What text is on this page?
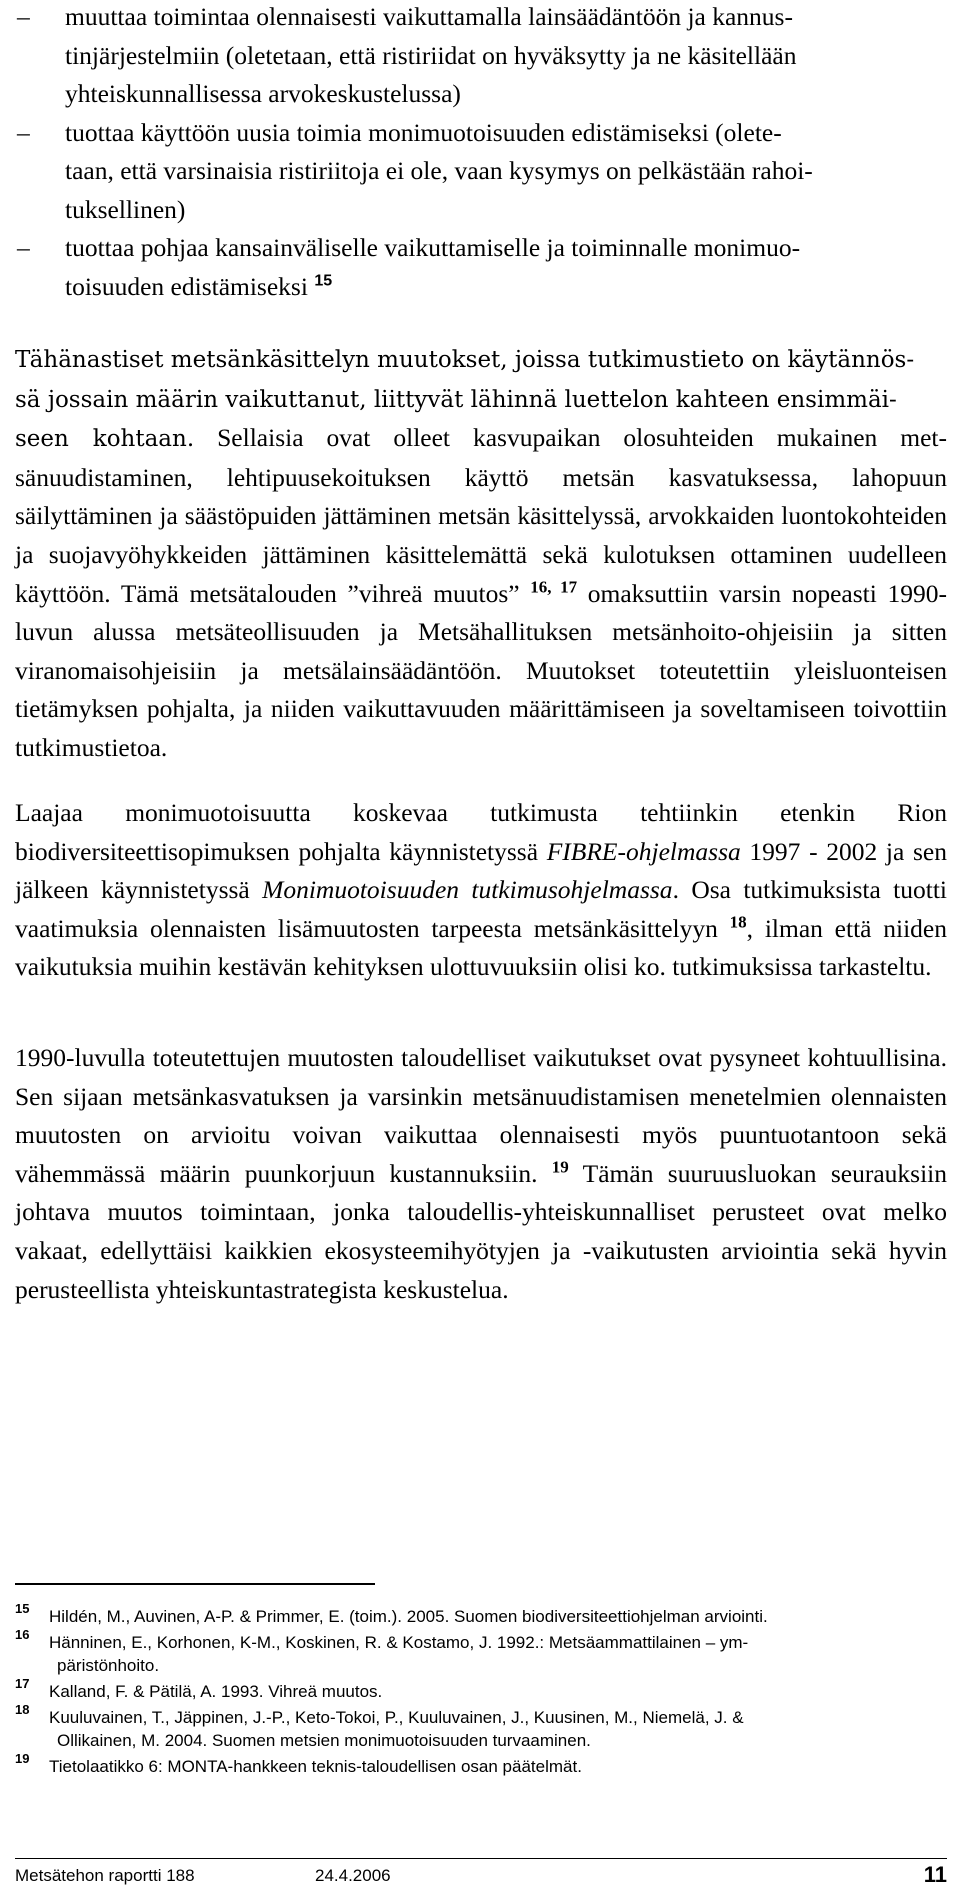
– muuttaa toimintaa olennaisesti vaikuttamalla lainsäädäntöön ja kannus-
tinjärjestelmiin (oletetaan, että ristiriidat on hyväksytty ja ne käsitellään
yhteiskunnallisessa arvokeskustelussa)
– tuottaa käyttöön uusia toimia monimuotoisuuden edistämiseksi (olete-
taan, että varsinaisia ristiriitoja ei ole, vaan kysymys on pelkästään rahoi-
tuksellinen)
– tuottaa pohjaa kansainväliselle vaikuttamiselle ja toiminnalle monimuo-
toisuuden edistämiseksi $^{15}$
Tähänastiset metsänkäsittelyn muutokset, joissa tutkimustieto on käytännös-
sä jossain määrin vaikuttanut, liittyvät lähinnä luettelon kahteen ensimmäi-
seen kohtaan. Sellaisia ovat olleet kasvupaikan olosuhteiden mukainen metsänuudistaminen, lehtipuusekoituksen käyttö metsän kasvatuksessa, lahopuun säilyttäminen ja säästöpuiden jättäminen metsän käsittelyssä, arvokkaiden luontokohteiden ja suojavyöhykkeiden jättäminen käsittelemättä sekä kulotuksen ottaminen uudelleen käyttöön. Tämä metsätalouden ”vihreä muutos” $^{16, 17}$ omaksuttiin varsin nopeasti 1990-luvun alussa metsäteollisuuden ja Metsähallituksen metsänhoito-ohjeisiin ja sitten viranomaisohjeisiin ja metsälainsäädäntöön. Muutokset toteutettiin yleisluonteisen tietämyksen pohjalta, ja niiden vaikuttavuuden määrittämiseen ja soveltamiseen toivottiin tutkimustietoa.
Laajaa monimuotoisuutta koskevaa tutkimusta tehtiinkin etenkin Rion biodiversiteettisopimuksen pohjalta käynnistetyssä FIBRE-ohjelmassa 1997 - 2002 ja sen jälkeen käynnistetyssä Monimuotoisuuden tutkimusohjelmassa. Osa tutkimuksista tuotti vaatimuksia olennaisten lisämuutosten tarpeesta metsänkäsittelyyn $^{18}$, ilman että niiden vaikutuksia muihin kestävän kehityksen ulottuvuuksiin olisi ko. tutkimuksissa tarkasteltu.
1990-luvulla toteutettujen muutosten taloudelliset vaikutukset ovat pysyneet kohtuullisina. Sen sijaan metsänkasvatuksen ja varsinkin metsänuudistamisen menetelmien olennaisten muutosten on arvioitu voivan vaikuttaa olennaisesti myös puuntuotantoon sekä vähemmässä määrin puunkorjuun kustannuksiin. $^{19}$ Tämän suuruusluokan seurauksiin johtava muutos toimintaan, jonka taloudellis-yhteiskunnalliset perusteet ovat melko vakaat, edellyttäisi kaikkien ekosysteemihyötyjen ja -vaikutusten arviointia sekä hyvin perusteellista yhteiskuntastrategista keskustelua.
15 Hildén, M., Auvinen, A-P. & Primmer, E. (toim.). 2005. Suomen biodiversiteettiohjelman arviointi.
16 Hänninen, E., Korhonen, K-M., Koskinen, R. & Kostamo, J. 1992.: Metsäammattilainen – ym-
päristönhoito.
17 Kalland, F. & Pätilä, A. 1993. Vihreä muutos.
18 Kuuluvainen, T., Jäppinen, J.-P., Keto-Tokoi, P., Kuuluvainen, J., Kuusinen, M., Niemelä, J. &
Ollikainen, M. 2004. Suomen metsien monimuotoisuuden turvaaminen.
19 Tietolaatikko 6: MONTA-hankkeen teknis-taloudellisen osan päätelmät.
Metsätehon raportti 188	24.4.2006	11
